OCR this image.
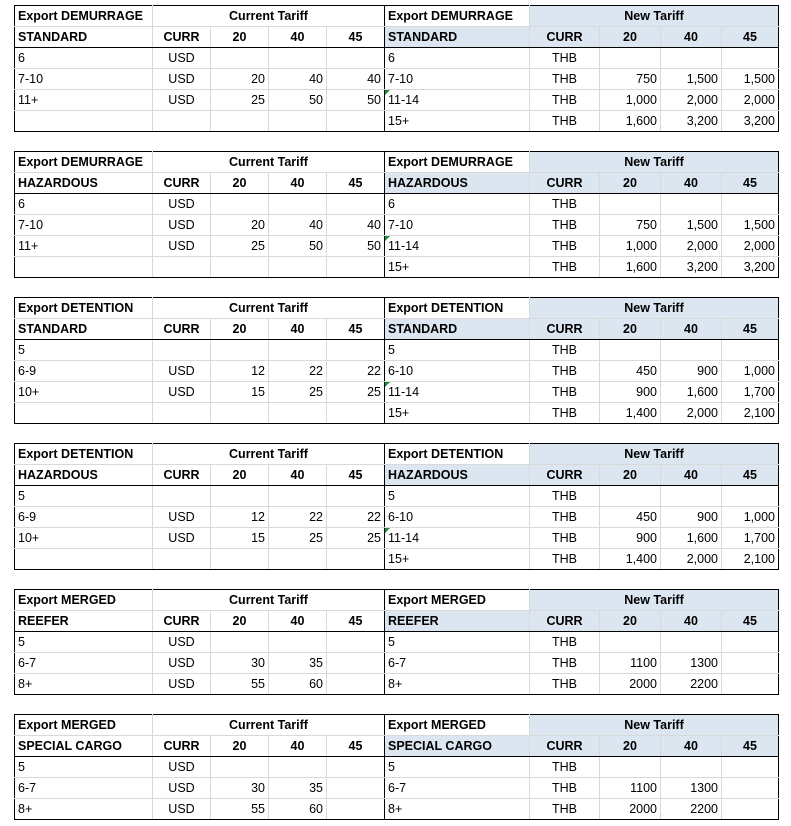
Export DEMURRAGE	Current Tariff				Export DEMURRAGE	New Tariff			
STANDARD	CURR	20	40	45	STANDARD	CURR	20	40	45
6	USD				6	THB			
7-10	USD	20	40	40	7-10	THB	750	1,500	1,500
11+	USD	25	50	50	11-14	THB	1,000	2,000	2,000
					15+	THB	1,600	3,200	3,200
Export DEMURRAGE	Current Tariff				Export DEMURRAGE	New Tariff			
HAZARDOUS	CURR	20	40	45	HAZARDOUS	CURR	20	40	45
6	USD				6	THB			
7-10	USD	20	40	40	7-10	THB	750	1,500	1,500
11+	USD	25	50	50	11-14	THB	1,000	2,000	2,000
					15+	THB	1,600	3,200	3,200
Export DETENTION	Current Tariff				Export DETENTION	New Tariff			
STANDARD	CURR	20	40	45	STANDARD	CURR	20	40	45
5					5	THB			
6-9	USD	12	22	22	6-10	THB	450	900	1,000
10+	USD	15	25	25	11-14	THB	900	1,600	1,700
					15+	THB	1,400	2,000	2,100
Export DETENTION	Current Tariff				Export DETENTION	New Tariff			
HAZARDOUS	CURR	20	40	45	HAZARDOUS	CURR	20	40	45
5					5	THB			
6-9	USD	12	22	22	6-10	THB	450	900	1,000
10+	USD	15	25	25	11-14	THB	900	1,600	1,700
					15+	THB	1,400	2,000	2,100
Export MERGED	Current Tariff				Export MERGED	New Tariff			
REEFER	CURR	20	40	45	REEFER	CURR	20	40	45
5	USD				5	THB			
6-7	USD	30	35		6-7	THB	1100	1300	
8+	USD	55	60		8+	THB	2000	2200	
Export MERGED	Current Tariff				Export MERGED	New Tariff			
SPECIAL CARGO	CURR	20	40	45	SPECIAL CARGO	CURR	20	40	45
5	USD				5	THB			
6-7	USD	30	35		6-7	THB	1100	1300	
8+	USD	55	60		8+	THB	2000	2200	
